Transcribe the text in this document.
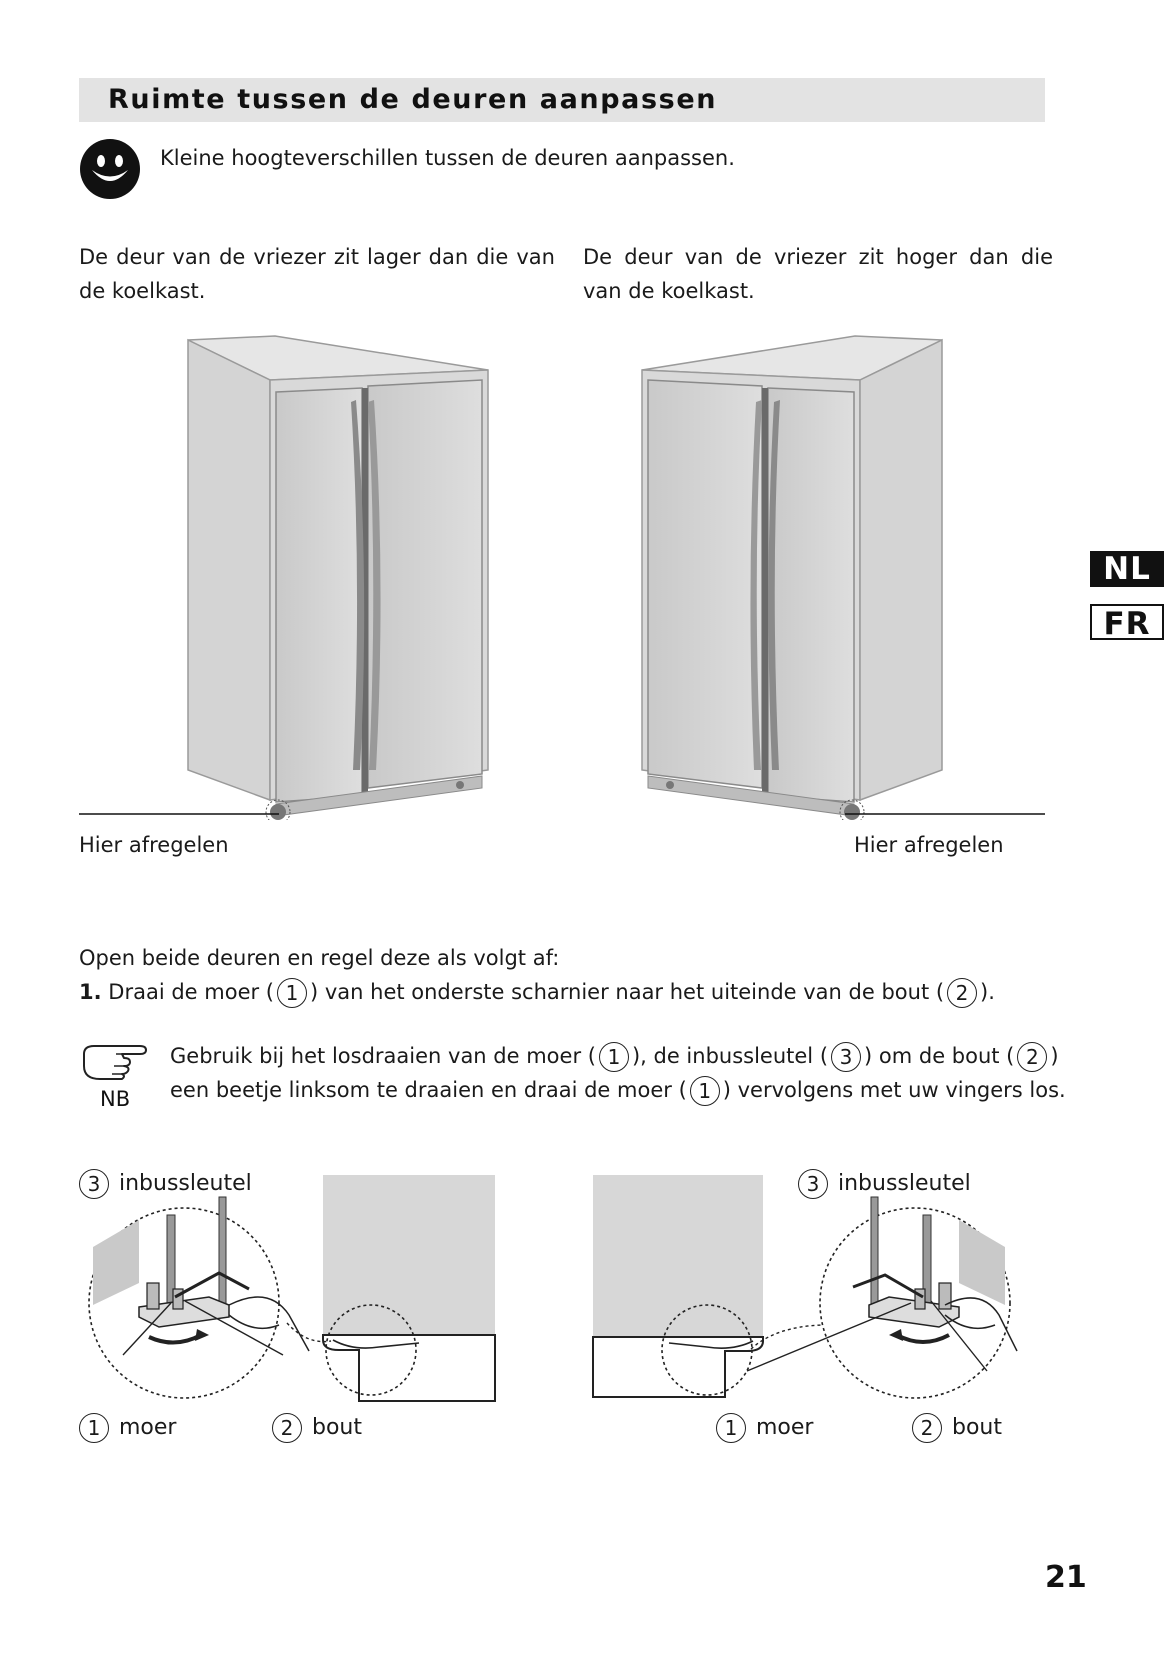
Ruimte tussen de deuren aanpassen
Kleine hoogteverschillen tussen de deuren aanpassen.
De deur van de vriezer zit lager dan die van de koelkast.
De deur van de vriezer zit hoger dan die van de koelkast.
Hier afregelen	Hier afregelen
Open beide deuren en regel deze als volgt af:
1. Draai de moer ( 1 ) van het onderste scharnier naar het uiteinde van de bout ( 2 ).
NB
Gebruik bij het losdraaien van de moer ( 1 ), de inbussleutel ( 3 ) om de bout ( 2 )
een beetje linksom te draaien en draai de moer ( 1 ) vervolgens met uw vingers los.
3 inbussleutel
1 moer	2 bout
3 inbussleutel
1 moer	2 bout
NL
FR
21
